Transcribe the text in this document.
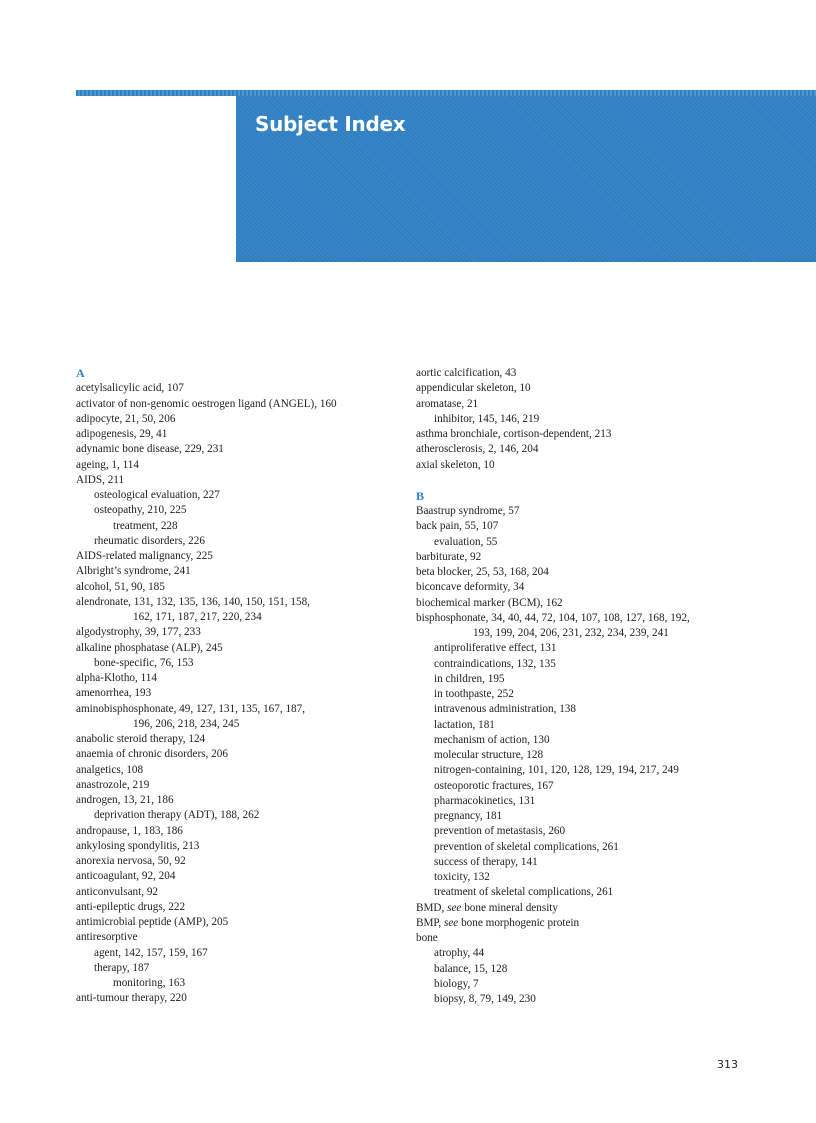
Subject Index
A
acetylsalicylic acid, 107
activator of non-genomic oestrogen ligand (ANGEL), 160
adipocyte, 21, 50, 206
adipogenesis, 29, 41
adynamic bone disease, 229, 231
ageing, 1, 114
AIDS, 211
osteological evaluation, 227
osteopathy, 210, 225
treatment, 228
rheumatic disorders, 226
AIDS-related malignancy, 225
Albright’s syndrome, 241
alcohol, 51, 90, 185
alendronate, 131, 132, 135, 136, 140, 150, 151, 158,
162, 171, 187, 217, 220, 234
algodystrophy, 39, 177, 233
alkaline phosphatase (ALP), 245
bone-specific, 76, 153
alpha-Klotho, 114
amenorrhea, 193
aminobisphosphonate, 49, 127, 131, 135, 167, 187,
196, 206, 218, 234, 245
anabolic steroid therapy, 124
anaemia of chronic disorders, 206
analgetics, 108
anastrozole, 219
androgen, 13, 21, 186
deprivation therapy (ADT), 188, 262
andropause, 1, 183, 186
ankylosing spondylitis, 213
anorexia nervosa, 50, 92
anticoagulant, 92, 204
anticonvulsant, 92
anti-epileptic drugs, 222
antimicrobial peptide (AMP), 205
antiresorptive
agent, 142, 157, 159, 167
therapy, 187
monitoring, 163
anti-tumour therapy, 220
aortic calcification, 43
appendicular skeleton, 10
aromatase, 21
inhibitor, 145, 146, 219
asthma bronchiale, cortison-dependent, 213
atherosclerosis, 2, 146, 204
axial skeleton, 10
B
Baastrup syndrome, 57
back pain, 55, 107
evaluation, 55
barbiturate, 92
beta blocker, 25, 53, 168, 204
biconcave deformity, 34
biochemical marker (BCM), 162
bisphosphonate, 34, 40, 44, 72, 104, 107, 108, 127, 168, 192,
193, 199, 204, 206, 231, 232, 234, 239, 241
antiproliferative effect, 131
contraindications, 132, 135
in children, 195
in toothpaste, 252
intravenous administration, 138
lactation, 181
mechanism of action, 130
molecular structure, 128
nitrogen-containing, 101, 120, 128, 129, 194, 217, 249
osteoporotic fractures, 167
pharmacokinetics, 131
pregnancy, 181
prevention of metastasis, 260
prevention of skeletal complications, 261
success of therapy, 141
toxicity, 132
treatment of skeletal complications, 261
BMD, see bone mineral density
BMP, see bone morphogenic protein
bone
atrophy, 44
balance, 15, 128
biology, 7
biopsy, 8, 79, 149, 230
313
